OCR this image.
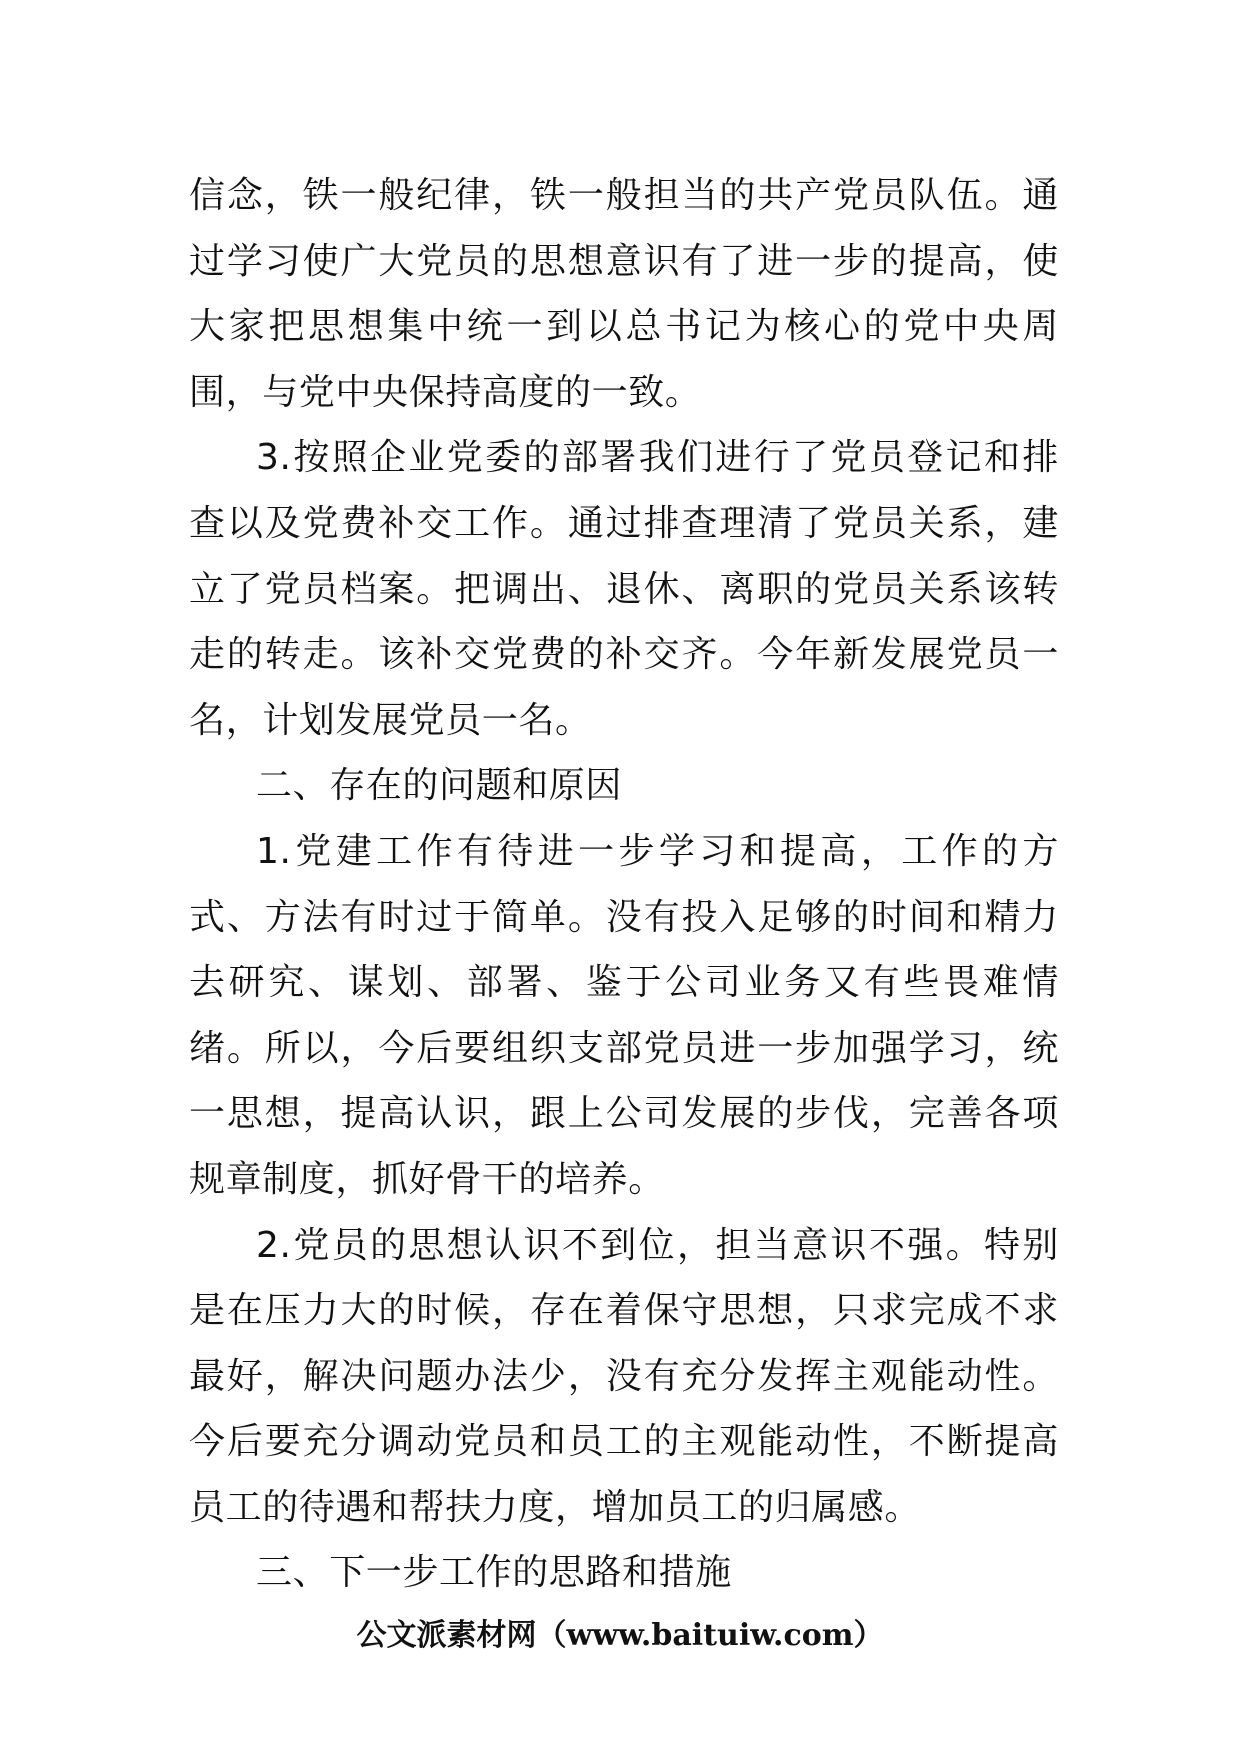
信念，铁一般纪律，铁一般担当的共产党员队伍。通过学习使广大党员的思想意识有了进一步的提高，使大家把思想集中统一到以总书记为核心的党中央周围，与党中央保持高度的一致。

3.按照企业党委的部署我们进行了党员登记和排查以及党费补交工作。通过排查理清了党员关系，建立了党员档案。把调出、退休、离职的党员关系该转走的转走。该补交党费的补交齐。今年新发展党员一名，计划发展党员一名。

二、存在的问题和原因

1.党建工作有待进一步学习和提高，工作的方式、方法有时过于简单。没有投入足够的时间和精力去研究、谋划、部署、鉴于公司业务又有些畏难情绪。所以，今后要组织支部党员进一步加强学习，统一思想，提高认识，跟上公司发展的步伐，完善各项规章制度，抓好骨干的培养。

2.党员的思想认识不到位，担当意识不强。特别是在压力大的时候，存在着保守思想，只求完成不求最好，解决问题办法少，没有充分发挥主观能动性。今后要充分调动党员和员工的主观能动性，不断提高员工的待遇和帮扶力度，增加员工的归属感。

三、下一步工作的思路和措施

公文派素材网（www.baituiw.com）
